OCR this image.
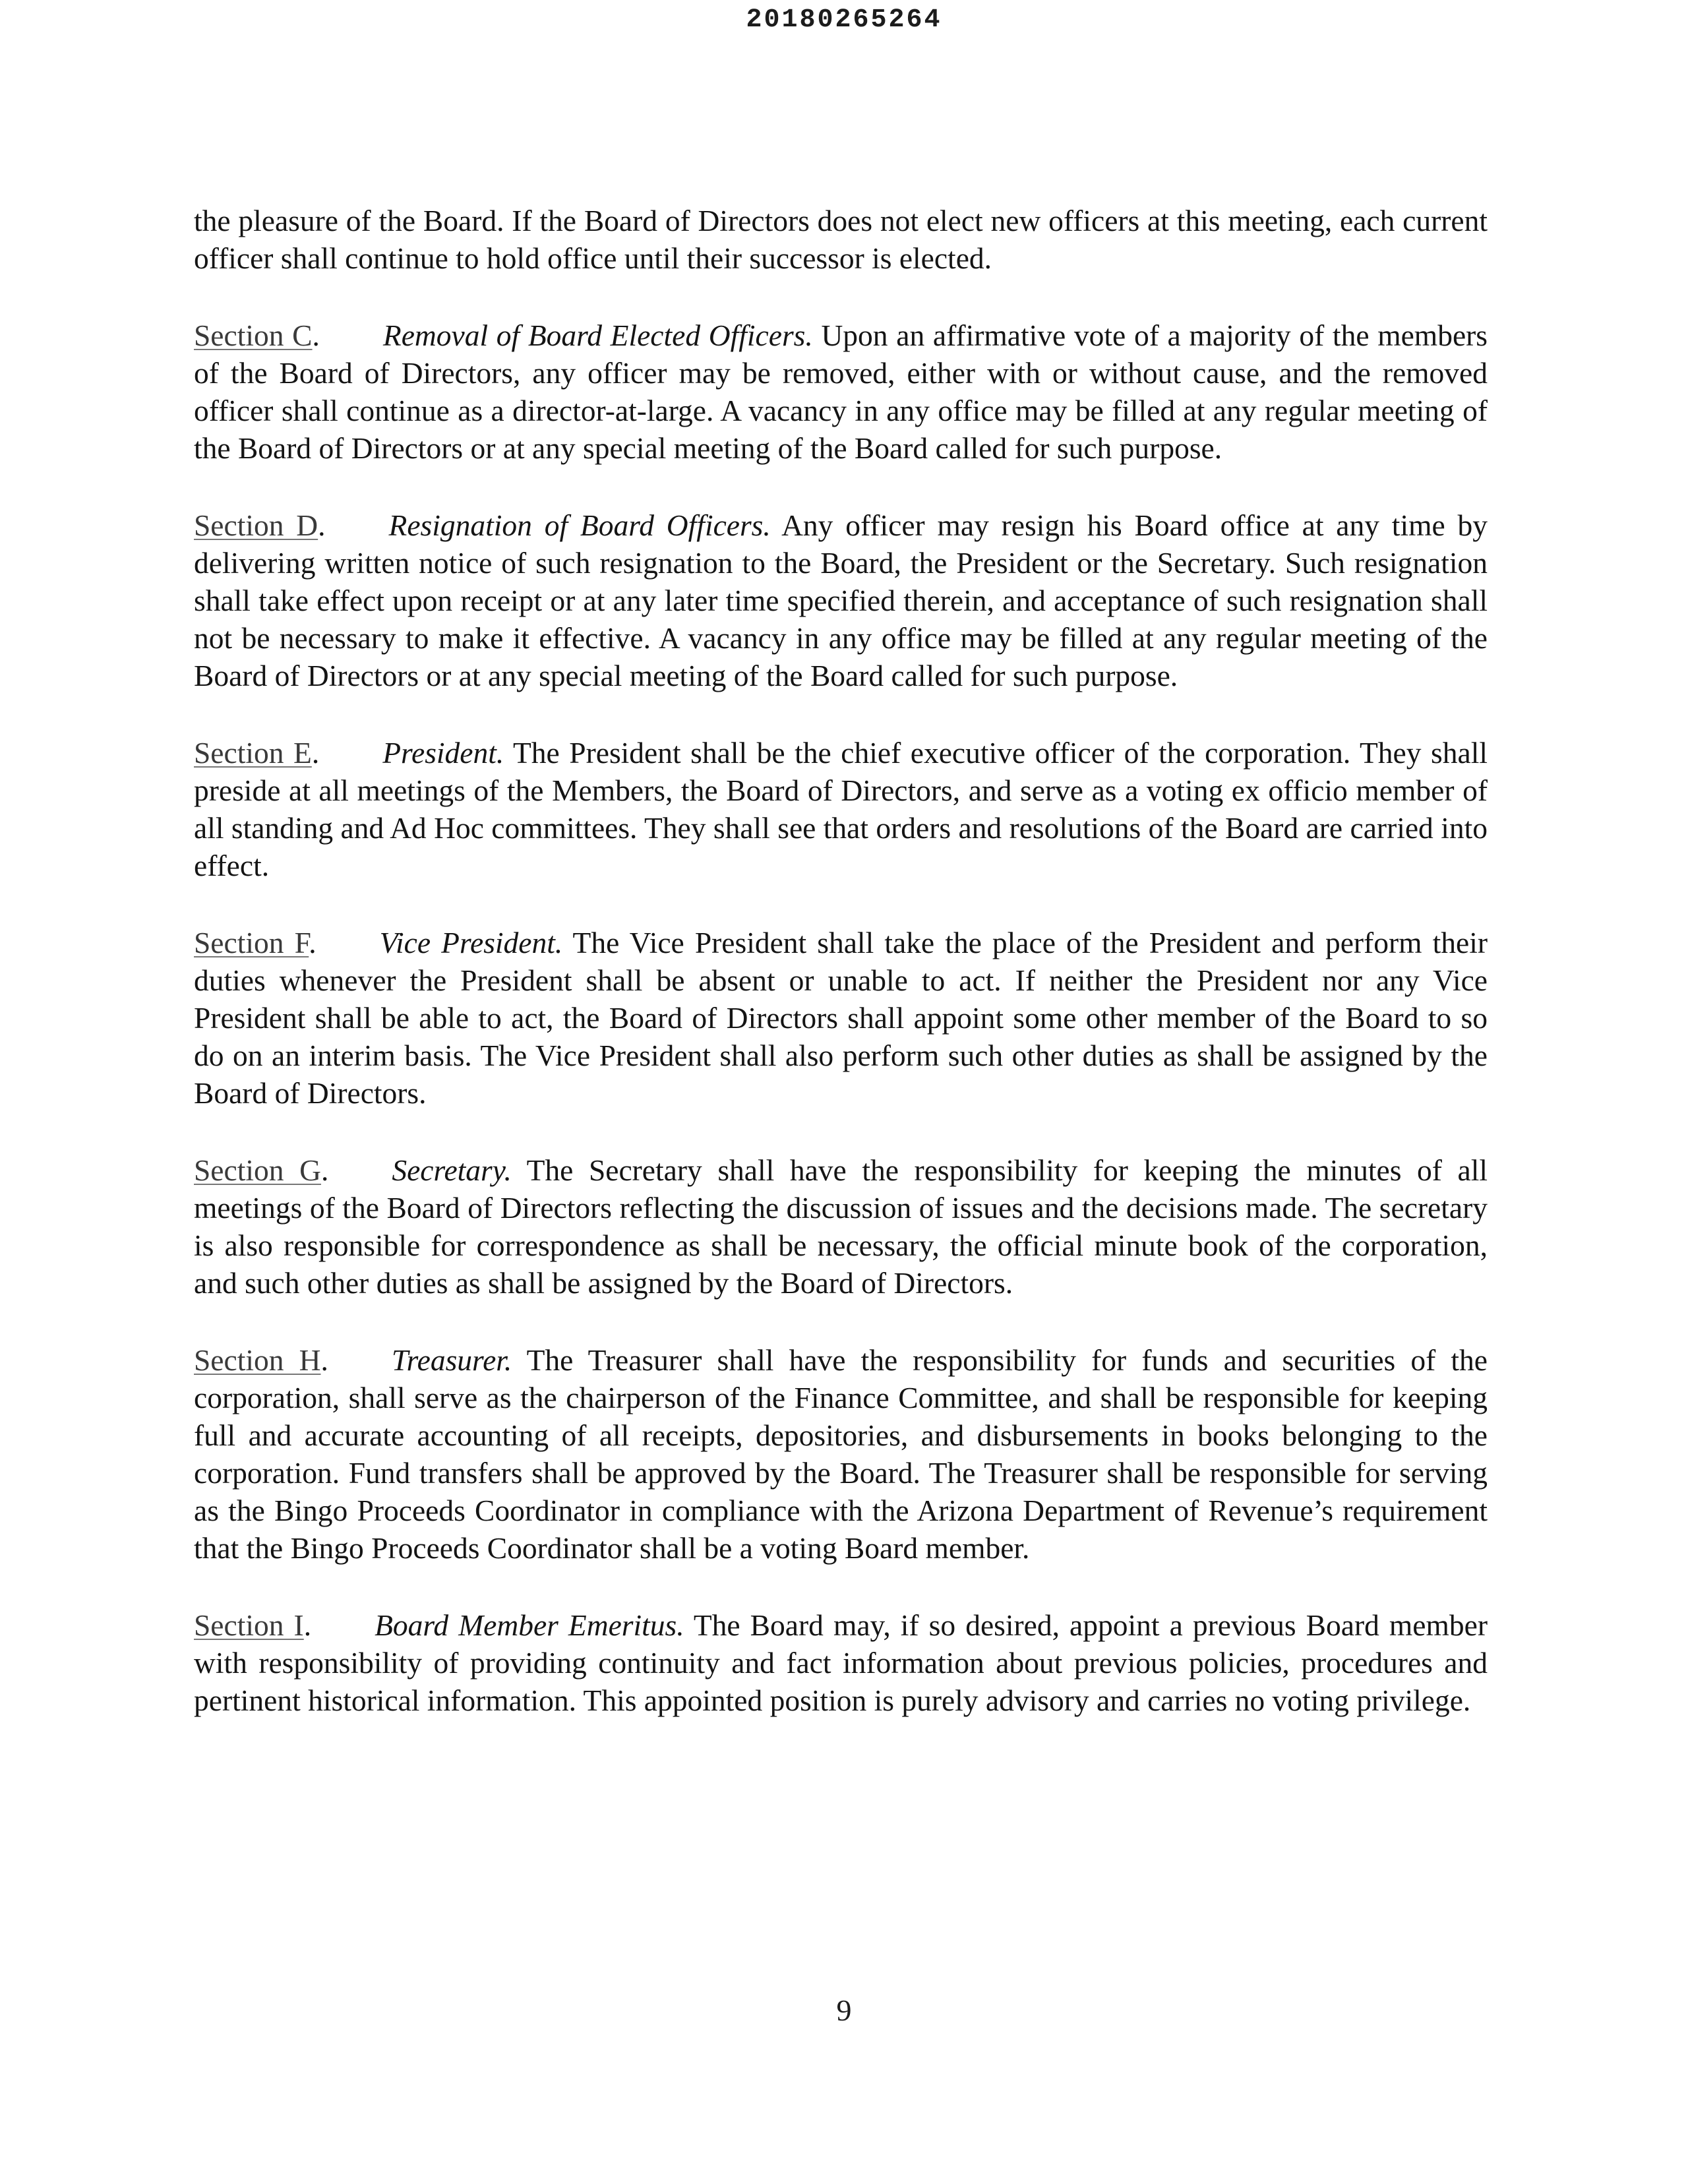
20180265264

the pleasure of the Board. If the Board of Directors does not elect new officers at this meeting, each current officer shall continue to hold office until their successor is elected.

Section C. Removal of Board Elected Officers. Upon an affirmative vote of a majority of the members of the Board of Directors, any officer may be removed, either with or without cause, and the removed officer shall continue as a director-at-large. A vacancy in any office may be filled at any regular meeting of the Board of Directors or at any special meeting of the Board called for such purpose.

Section D. Resignation of Board Officers. Any officer may resign his Board office at any time by delivering written notice of such resignation to the Board, the President or the Secretary. Such resignation shall take effect upon receipt or at any later time specified therein, and acceptance of such resignation shall not be necessary to make it effective. A vacancy in any office may be filled at any regular meeting of the Board of Directors or at any special meeting of the Board called for such purpose.

Section E. President. The President shall be the chief executive officer of the corporation. They shall preside at all meetings of the Members, the Board of Directors, and serve as a voting ex officio member of all standing and Ad Hoc committees. They shall see that orders and resolutions of the Board are carried into effect.

Section F. Vice President. The Vice President shall take the place of the President and perform their duties whenever the President shall be absent or unable to act. If neither the President nor any Vice President shall be able to act, the Board of Directors shall appoint some other member of the Board to so do on an interim basis. The Vice President shall also perform such other duties as shall be assigned by the Board of Directors.

Section G. Secretary. The Secretary shall have the responsibility for keeping the minutes of all meetings of the Board of Directors reflecting the discussion of issues and the decisions made. The secretary is also responsible for correspondence as shall be necessary, the official minute book of the corporation, and such other duties as shall be assigned by the Board of Directors.

Section H. Treasurer. The Treasurer shall have the responsibility for funds and securities of the corporation, shall serve as the chairperson of the Finance Committee, and shall be responsible for keeping full and accurate accounting of all receipts, depositories, and disbursements in books belonging to the corporation. Fund transfers shall be approved by the Board. The Treasurer shall be responsible for serving as the Bingo Proceeds Coordinator in compliance with the Arizona Department of Revenue’s requirement that the Bingo Proceeds Coordinator shall be a voting Board member.

Section I. Board Member Emeritus. The Board may, if so desired, appoint a previous Board member with responsibility of providing continuity and fact information about previous policies, procedures and pertinent historical information. This appointed position is purely advisory and carries no voting privilege.

9
